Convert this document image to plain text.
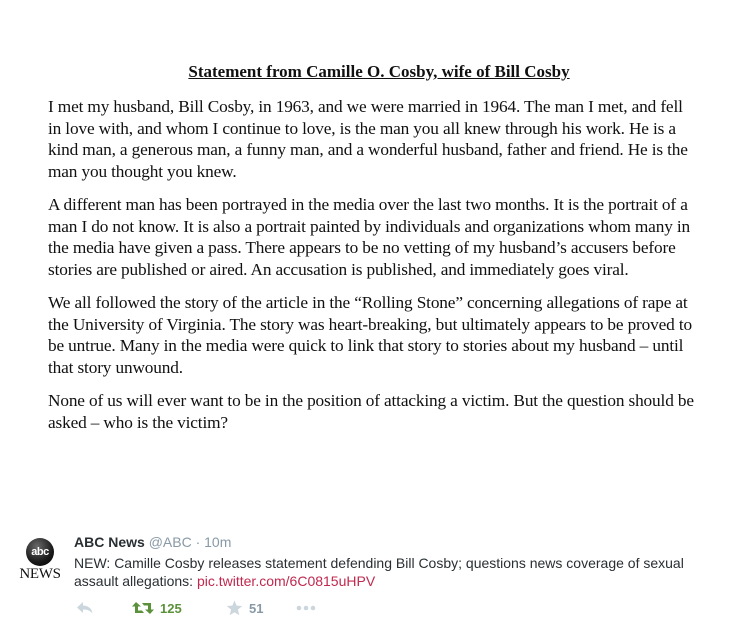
Statement from Camille O. Cosby, wife of Bill Cosby

I met my husband, Bill Cosby, in 1963, and we were married in 1964. The man I met, and fell in love with, and whom I continue to love, is the man you all knew through his work. He is a kind man, a generous man, a funny man, and a wonderful husband, father and friend. He is the man you thought you knew.

A different man has been portrayed in the media over the last two months. It is the portrait of a man I do not know. It is also a portrait painted by individuals and organizations whom many in the media have given a pass. There appears to be no vetting of my husband’s accusers before stories are published or aired. An accusation is published, and immediately goes viral.

We all followed the story of the article in the “Rolling Stone” concerning allegations of rape at the University of Virginia. The story was heart-breaking, but ultimately appears to be proved to be untrue. Many in the media were quick to link that story to stories about my husband – until that story unwound.

None of us will ever want to be in the position of attacking a victim. But the question should be asked – who is the victim?

abc
NEWS
ABC News @ABC · 10m
NEW: Camille Cosby releases statement defending Bill Cosby; questions news coverage of sexual assault allegations: pic.twitter.com/6C0815uHPV
125	51
